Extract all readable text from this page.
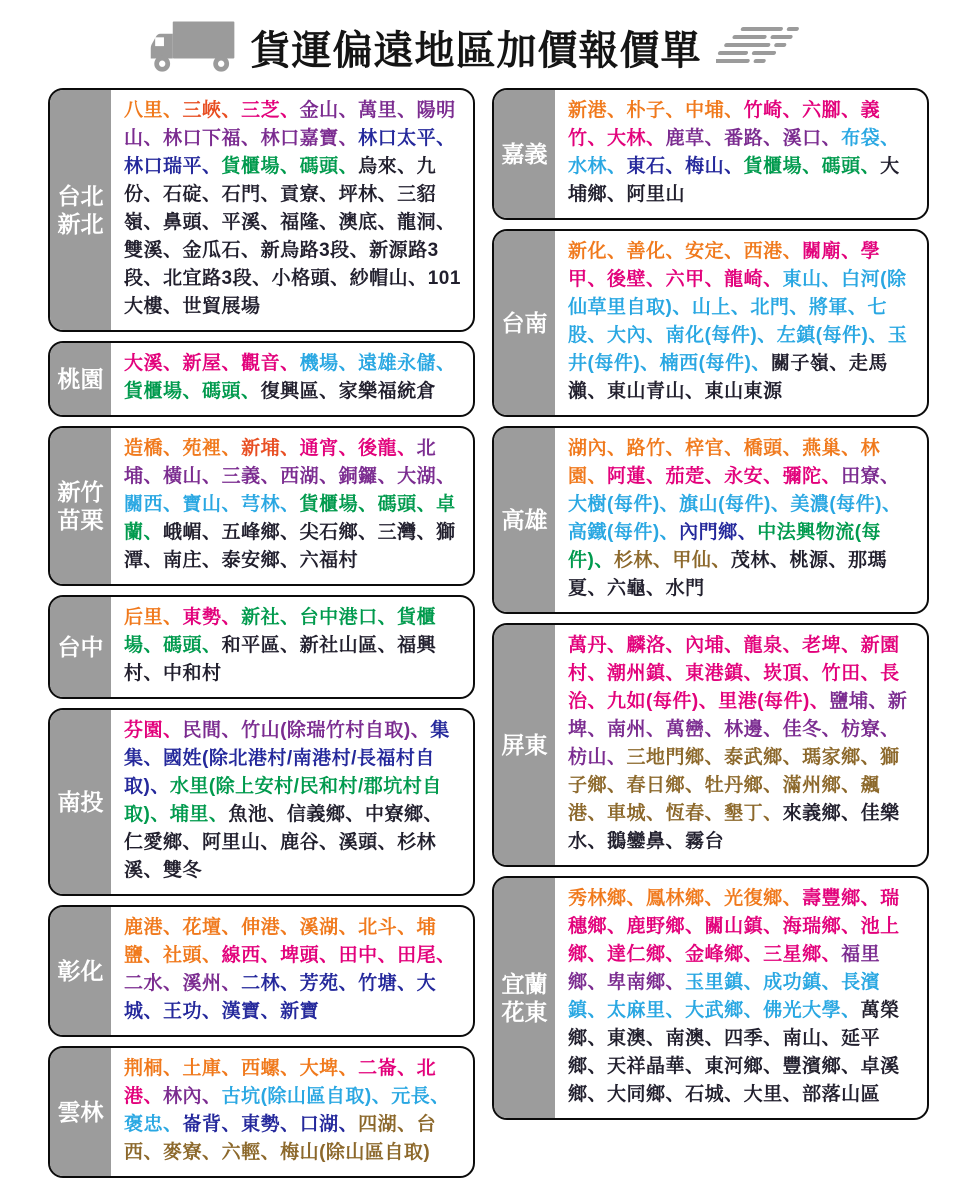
貨運偏遠地區加價報價單
台北
新北
八里、三峽、三芝、金山、萬里、陽明山、林口下福、林口嘉寶、林口太平、林口瑞平、貨櫃場、碼頭、烏來、九份、石碇、石門、貢寮、坪林、三貂嶺、鼻頭、平溪、福隆、澳底、龍洞、雙溪、金瓜石、新烏路3段、新源路3段、北宜路3段、小格頭、紗帽山、101大樓、世貿展場
桃園
大溪、新屋、觀音、機場、遠雄永儲、貨櫃場、碼頭、復興區、家樂福統倉
新竹
苗栗
造橋、苑裡、新埔、通宵、後龍、北埔、橫山、三義、西湖、銅鑼、大湖、關西、寶山、芎林、貨櫃場、碼頭、卓蘭、峨嵋、五峰鄉、尖石鄉、三灣、獅潭、南庄、泰安鄉、六福村
台中
后里、東勢、新社、台中港口、貨櫃場、碼頭、和平區、新社山區、福興村、中和村
南投
芬園、民間、竹山(除瑞竹村自取)、集集、國姓(除北港村/南港村/長福村自取)、水里(除上安村/民和村/郡坑村自取)、埔里、魚池、信義鄉、中寮鄉、仁愛鄉、阿里山、鹿谷、溪頭、杉林溪、雙冬
彰化
鹿港、花壇、伸港、溪湖、北斗、埔鹽、社頭、線西、埤頭、田中、田尾、二水、溪州、二林、芳苑、竹塘、大城、王功、漢寶、新寶
雲林
荆桐、土庫、西螺、大埤、二崙、北港、林內、古坑(除山區自取)、元長、褒忠、崙背、東勢、口湖、四湖、台西、麥寮、六輕、梅山(除山區自取)
嘉義
新港、朴子、中埔、竹崎、六腳、義竹、大林、鹿草、番路、溪口、布袋、水林、東石、梅山、貨櫃場、碼頭、大埔鄉、阿里山
台南
新化、善化、安定、西港、關廟、學甲、後壁、六甲、龍崎、東山、白河(除仙草里自取)、山上、北門、將軍、七股、大內、南化(每件)、左鎮(每件)、玉井(每件)、楠西(每件)、關子嶺、走馬瀨、東山青山、東山東源
高雄
湖內、路竹、梓官、橋頭、燕巢、林園、阿蓮、茄萣、永安、彌陀、田寮、大樹(每件)、旗山(每件)、美濃(每件)、高鐵(每件)、內門鄉、中法興物流(每件)、杉林、甲仙、茂林、桃源、那瑪夏、六龜、水門
屏東
萬丹、麟洛、內埔、龍泉、老埤、新園村、潮州鎮、東港鎮、崁頂、竹田、長治、九如(每件)、里港(每件)、鹽埔、新埤、南州、萬巒、林邊、佳冬、枋寮、枋山、三地門鄉、泰武鄉、瑪家鄉、獅子鄉、春日鄉、牡丹鄉、滿州鄉、飆港、車城、恆春、墾丁、來義鄉、佳樂水、鵝鑾鼻、霧台
宜蘭
花東
秀林鄉、鳳林鄉、光復鄉、壽豐鄉、瑞穗鄉、鹿野鄉、關山鎮、海瑞鄉、池上鄉、達仁鄉、金峰鄉、三星鄉、福里鄉、卑南鄉、玉里鎮、成功鎮、長濱鎮、太麻里、大武鄉、佛光大學、萬榮鄉、東澳、南澳、四季、南山、延平鄉、天祥晶華、東河鄉、豐濱鄉、卓溪鄉、大同鄉、石城、大里、部落山區
